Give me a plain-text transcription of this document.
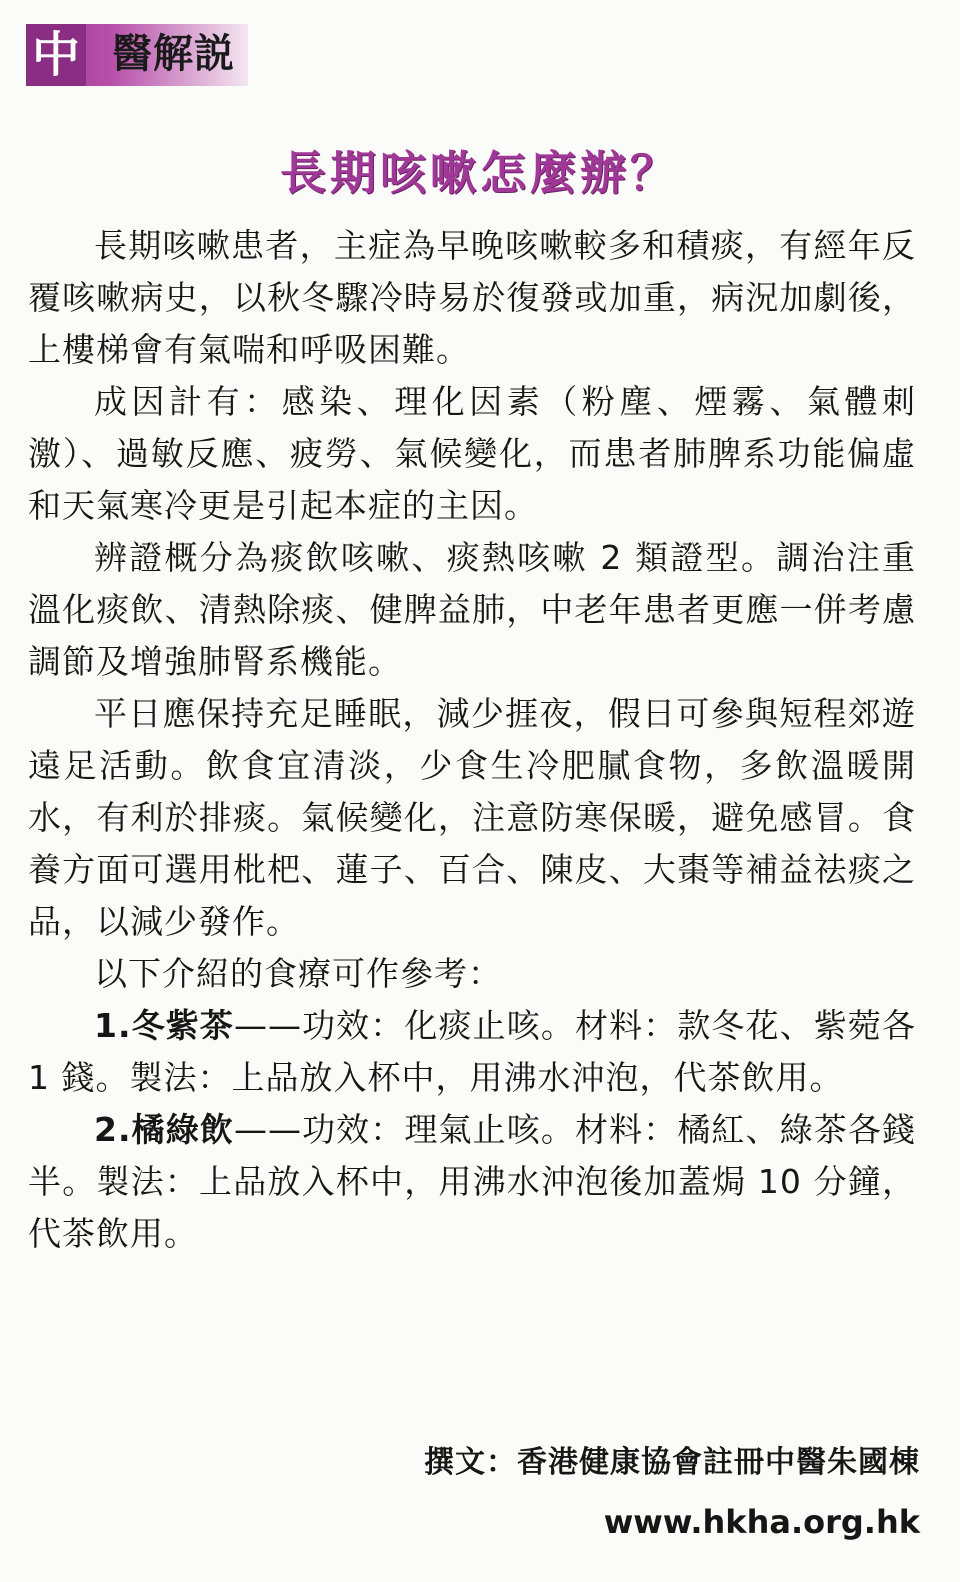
中 醫解説
長期咳嗽怎麼辦？

長期咳嗽患者，主症為早晚咳嗽較多和積痰，有經年反覆咳嗽病史，以秋冬驟冷時易於復發或加重，病況加劇後，上樓梯會有氣喘和呼吸困難。

成因計有：感染、理化因素（粉塵、煙霧、氣體刺激）、過敏反應、疲勞、氣候變化，而患者肺脾系功能偏虛和天氣寒冷更是引起本症的主因。

辨證概分為痰飲咳嗽、痰熱咳嗽 2 類證型。調治注重溫化痰飲、清熱除痰、健脾益肺，中老年患者更應一併考慮調節及增強肺腎系機能。

平日應保持充足睡眠，減少捱夜，假日可參與短程郊遊遠足活動。飲食宜清淡，少食生冷肥膩食物，多飲溫暖開水，有利於排痰。氣候變化，注意防寒保暖，避免感冒。食養方面可選用枇杷、蓮子、百合、陳皮、大棗等補益祛痰之品，以減少發作。

以下介紹的食療可作參考：

1.冬紫茶——功效：化痰止咳。材料：款冬花、紫菀各 1 錢。製法：上品放入杯中，用沸水沖泡，代茶飲用。

2.橘綠飲——功效：理氣止咳。材料：橘紅、綠茶各錢半。製法：上品放入杯中，用沸水沖泡後加蓋焗 10 分鐘，代茶飲用。

撰文：香港健康協會註冊中醫朱國棟
www.hkha.org.hk
